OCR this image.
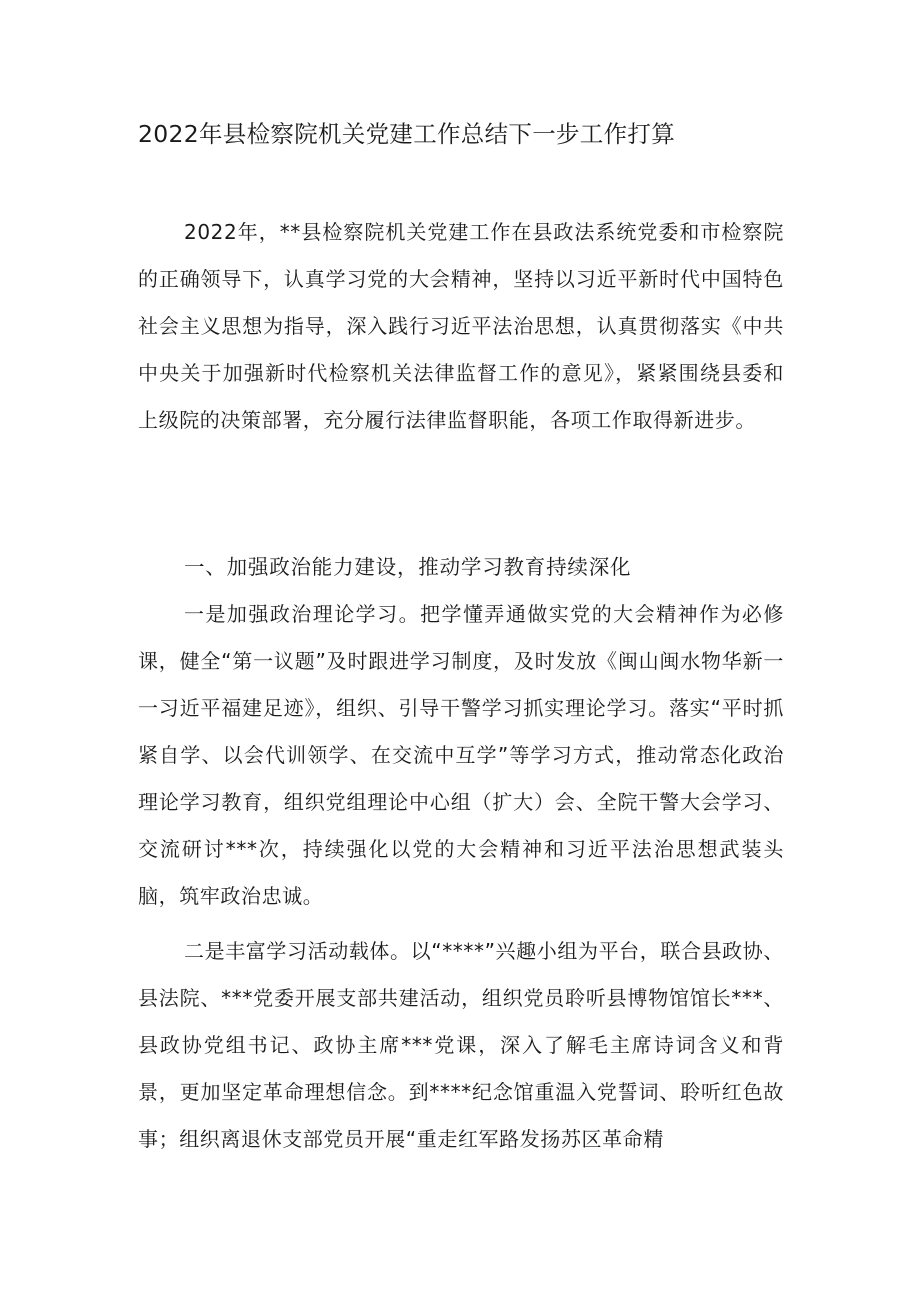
2022年县检察院机关党建工作总结下一步工作打算

2022年，**县检察院机关党建工作在县政法系统党委和市检察院的正确领导下，认真学习党的大会精神，坚持以习近平新时代中国特色社会主义思想为指导，深入践行习近平法治思想，认真贯彻落实《中共中央关于加强新时代检察机关法律监督工作的意见》，紧紧围绕县委和上级院的决策部署，充分履行法律监督职能，各项工作取得新进步。

一、加强政治能力建设，推动学习教育持续深化

一是加强政治理论学习。把学懂弄通做实党的大会精神作为必修课，健全“第一议题”及时跟进学习制度，及时发放《闽山闽水物华新一一习近平福建足迹》，组织、引导干警学习抓实理论学习。落实“平时抓紧自学、以会代训领学、在交流中互学”等学习方式，推动常态化政治理论学习教育，组织党组理论中心组（扩大）会、全院干警大会学习、交流研讨***次，持续强化以党的大会精神和习近平法治思想武装头脑，筑牢政治忠诚。

二是丰富学习活动载体。以“****”兴趣小组为平台，联合县政协、县法院、***党委开展支部共建活动，组织党员聆听县博物馆馆长***、县政协党组书记、政协主席***党课，深入了解毛主席诗词含义和背景，更加坚定革命理想信念。到****纪念馆重温入党誓词、聆听红色故事；组织离退休支部党员开展“重走红军路发扬苏区革命精
